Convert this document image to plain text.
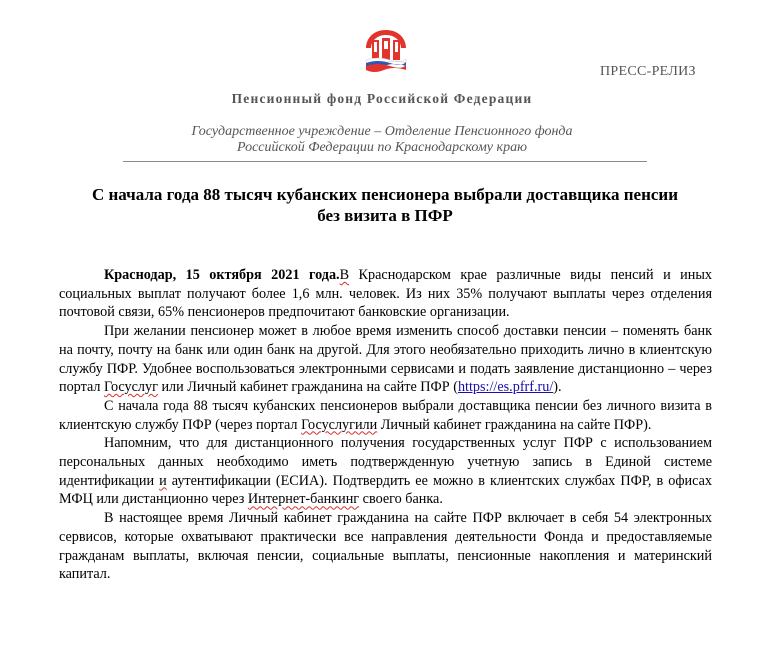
ПРЕСС-РЕЛИЗ
Пенсионный фонд Российской Федерации
Государственное учреждение – Отделение Пенсионного фонда
Российской Федерации по Краснодарскому краю
С начала года 88 тысяч кубанских пенсионера выбрали доставщика пенсии
без визита в ПФР

Краснодар, 15 октября 2021 года.В Краснодарском крае различные виды пенсий и иных социальных выплат получают более 1,6 млн. человек. Из них 35% получают выплаты через отделения почтовой связи, 65% пенсионеров предпочитают банковские организации.

При желании пенсионер может в любое время изменить способ доставки пенсии – поменять банк на почту, почту на банк или один банк на другой. Для этого необязательно приходить лично в клиентскую службу ПФР. Удобнее воспользоваться электронными сервисами и подать заявление дистанционно – через портал Госуслуг или Личный кабинет гражданина на сайте ПФР (https://es.pfrf.ru/).

С начала года 88 тысяч кубанских пенсионеров выбрали доставщика пенсии без личного визита в клиентскую службу ПФР (через портал Госуслугили Личный кабинет гражданина на сайте ПФР).

Напомним, что для дистанционного получения государственных услуг ПФР с использованием персональных данных необходимо иметь подтвержденную учетную запись в Единой системе идентификации и аутентификации (ЕСИА). Подтвердить ее можно в клиентских службах ПФР, в офисах МФЦ или дистанционно через Интернет-банкинг своего банка.

В настоящее время Личный кабинет гражданина на сайте ПФР включает в себя 54 электронных сервисов, которые охватывают практически все направления деятельности Фонда и предоставляемые гражданам выплаты, включая пенсии, социальные выплаты, пенсионные накопления и материнский капитал.
